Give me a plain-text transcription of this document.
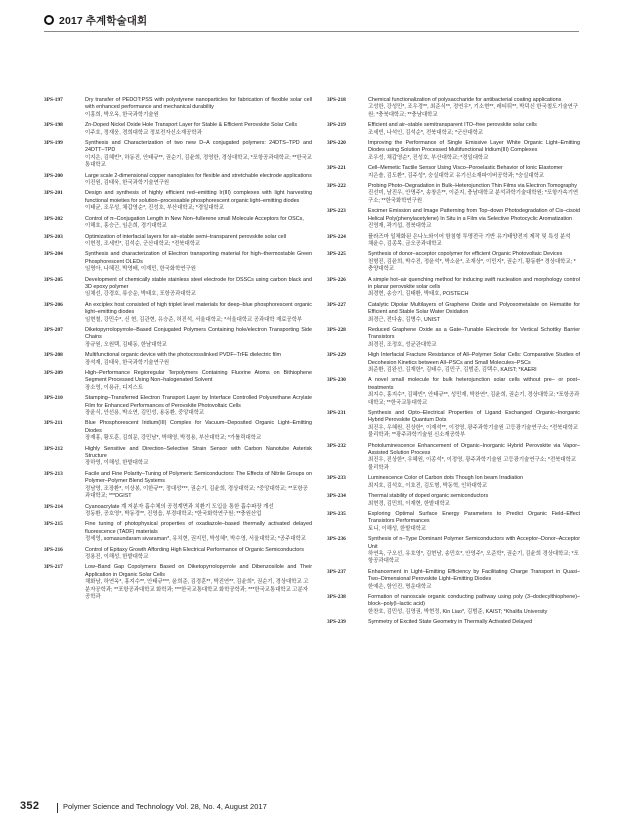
2017 추계학술대회
3PS-197	Dry transfer of PEDOT:PSS with polystyrene nanoparticles for fabrication of flexible solar cell with enhanced performance and mechanical durability
이흥희, 박오옥, 한국과학기술원
3PS-198	Zn-Doped Nickel Oxide Hole Transport Layer for Stable & Efficient Perovskite Solar Cells
이주호, 정재웅, 경희대학교 정보전자신소재공학과
3PS-199	Synthesis and Characterization of two new D–A conjugated polymers: 24DTS–TPD and 24DTT–TPD
이지은, 김혜빈*, 하동진, 안태규**, 권순기, 김윤희, 정영한, 경상대학교, *포항공과대학교; **한국교통대학교
3PS-200	Large scale 2-dimensional copper nanoplates for flexible and stretchable electrode applications
이진원, 김태욱, 한국과학기술연구원
3PS-201	Design and synthesis of highly efficient red–emitting Ir(III) complexes with light harvesting functional moieties for solution–processable phosphorescent organic light–emitting diodes
이태균, 조우성, 채갑영순*, 진성호, 부산대학교; *경일대학교
3PS-202	Control of π–Conjugation Length in New Non–fullerene small Molecule Acceptors for OSCs,
이해호, 홍승근, 임은희, 경기대학교
3PS-203	Optimization of interfacial layers for air–stable semi–transparent perovskite solar cell
이현정, 조세빈*, 김석순, 군산대학교; *전북대학교
3PS-204	Synthesis and characterization of Electron transporting material for high–thermostable Green Phosphorescent OLEDs
임명아, 나혜진, 박영배, 이재민, 한국화학연구원
3PS-205	Development of chemically stable stainless steel electrode for DSSCs using carbon black and 3D epoxy polymer
임채선, 강경호, 류승운, 박태호, 포항공과대학교
3PS-206	An exciplex host consisted of high triplet level materials for deep–blue phosphorescent organic light–emitting diodes
임현철, 강민수*, 신 현, 김관현, 유승준, 허진석, 서울대학교; *서울대학교 공과대학 재료공학부
3PS-207	Diketopyrrolopyrrole–Based Conjugated Polymers Containing hole/electron Transporting Side Chains
장규원, 오원택, 김태동, 한남대학교
3PS-208	Multifunctional organic device with the photocrosslinked PVDF–TrFE dielectric film
장석재, 김태욱, 한국과학기술연구원
3PS-209	High–Performance Regioregular Terpolymers Containing Fluorine Atoms on Bithiophene Segment Processed Using Non–halogenated Solvent
장소영, 이용규, 디지스트
3PS-210	Stamping–Transferred Electron Transport Layer by Interface Controlled Polyurethane Acrylate Film for Enhanced Performances of Perovskite Photovoltaic Cells
장윤식, 안선용, 박소연, 김민성, 용동환, 중앙대학교
3PS-211	Blue Phosphorescent Iridium(III) Complex for Vacuum–Deposited Organic Light–Emitting Diodes
장재홍, 황도훈, 김희문, 강민남*, 박해영, 박정용, 부산대학교; *가톨릭대학교
3PS-212	Highly Sensitive and Direction–Selective Strain Sensor with Carbon Nanotube Asterisk Structure
장하영, 이해성, 한밭대학교
3PS-213	Facile and Fine Polarity–Tuning of Polymeric Semiconductors: The Effects of Nitrile Groups on Polymer–Polymer Blend Systems
정남영, 조장환*, 이상봉, 이한규**, 정대성***, 권순기, 김윤희, 경상대학교; *중앙대학교; **포항공과대학교; ***DGIST
3PS-214	Cyanoacrylate 계 저분자 흡수체의 공정계면과 치환기 도입을 통한 흡수파장 개선
정동환, 공호영*, 박동경**, 진영읍, 부경대학교; *한국화학연구원; **충원산업
3PS-215	Fine tuning of photophysical properties of oxadiazole–based thermally activated delayed fluorescence (TADF) materials
정세영, somasundaram sivaraman*, 유치현, 권지민, 박성혜*, 박수영, 서울대학교; *공주대학교
3PS-216	Control of Epitaxy Growth Affording High Electrical Performance of Organic Semiconductors
정용진, 이해성, 한밭대학교
3PS-217	Low–Band Gap Copolymers Based on Diketopyrrolopyrrole and Dibenzosilole and Their Application in Organic Solar Cells
채화남, 하연옥*, 홍지수**, 안태규***, 윤희준, 김경훈**, 박진연**, 김윤희*, 권순기, 경상대학교 고분자공학과; **포항공과대학교 화학과; ***한국교통대학교 화학공학과; ***한국교통대학교 고분자공학과
3PS-218	Chemical functionalization of polysaccharide for antibacterial coating applications
고성한, 강성민*, 조우경**, 최준식**, 정연우*, 기소현**, 레티튀**, 박덕신 한국철도기술연구원; *충북대학교; **충남대학교
3PS-219	Efficient and air–stable semitransparent ITO–free perovskite solar cells
조세빈, 나석인, 김석순*, 전북대학교; *군산대학교
3PS-220	Improving the Performance of Single Emissive Layer White Organic Light–Emitting Diodes using Solution Processed Multifunctional Iridium(III) Complexes
조우성, 채갑영순*, 진성호, 부산대학교; *경일대학교
3PS-221	Cell–Memetic Tactile Sensor Using Visco–Poroelastic Behavior of Ionic Elastomer
지은솔, 김도환*, 김주성*, 숭실대학교 유기신소재파이버공학과; *숭실대학교
3PS-222	Probing Photo–Degradation in Bulk–Heterojunction Thin Films via Electron Tomography
진선미, 남진우, 안명주*, 송창은**, 이준지, 충남대학교 분석과학기술대학원; *포항가속기연구소; **한국화학연구원
3PS-223	Excimer Emission and Image Patterning from Top–down Photodegradation of Cis–cisoid Helical Poly(phenylacetylene) In Situ in a Film via Selective Photocyclic Aromatization
진영재, 곽기섭, 경북대학교
3PS-224	플라즈마 일체화된 은나노와이어 함침형 투명전극 기반 유기태양전지 제작 및 특성 분석
채윤수, 김종목, 금오공과대학교
3PS-225	Synthesis of donor–acceptor copolymer for efficient Organic Photovoltaic Devices
천형진, 김윤희, 박수진, 정윤석*, 박소윤*, 조재상*, 이민지*, 권순기, 황동환* 경상대학교; *충양대학교
3PS-226	A simple hot–air quenching method for inducing swift nucleation and morphology control in planar perovskite solar cells
최경현, 송승기, 김태환, 박태호, POSTECH
3PS-227	Catalytic Dipolar Multilayers of Graphene Oxide and Polyoxometalate on Hematite for Efficient and Stable Solar Water Oxidation
최경근, 전다솜, 김병수, UNIST
3PS-228	Reduced Graphene Oxide as a Gate–Tunable Electrode for Vertical Schottky Barrier Transistors
최경진, 조정호, 성균관대학교
3PS-229	High Interfacial Fracture Resistance of All–Polymer Solar Cells: Comparative Studies of Decohesion Kinetics between All–PSCs and Small Molecules–PSCs
최준환, 김완선, 김재한*, 김태수, 김민구, 김범준, 김택수, KAIST; *KAERI
3PS-230	A novel small molecule for bulk heterojunction solar cells without pre– or post–treatments
최지수, 홍지수*, 김혜빈*, 안태규**, 성민재, 박찬연*, 김윤희, 권순기, 경상대학교; *포항공과대학교; **한국교통대학교
3PS-231	Synthesis and Opto–Electrical Properties of Ligand Exchanged Organic–Inorganic Hybrid Perovskite Quantum Dots
최진우, 우혜원, 진상한*, 이재석**, 이정영, 광주과학기술원 고등광기술연구소; *전북대학교 물리학과; **광주과학기술원 신소재공학부
3PS-232	Photoluminescence Enhancement of Organic–Inorganic Hybrid Perovskite via Vapor–Assisted Solution Process
최진우, 진상한*, 우혜원, 이종석*, 이정영, 광주과학기술원 고등광기술연구소; *전북대학교 물리학과
3PS-233	Luminescence Color of Carbon dots Though Ion beam Irradiation
최지호, 김석호, 이호진, 김도형, 박동혁, 인하대학교
3PS-234	Thermal stability of doped organic semiconductors
최현경, 김민희, 이재현, 한밭대학교
3PS-235	Exploring Optimal Surface Energy Parameters to Predict Organic Field–Effect Transistors Performances
토니, 이해성, 한밭대학교
3PS-236	Synthesis of n–Type Dominant Polymer Semiconductors with Acceptor–Donor–Acceptor Unit
하연옥, 구오선, 유호영*, 김현남, 송민호*, 안영주*, 오준학*, 권순기, 김윤희 경상대학교; *포항공과대학교
3PS-237	Enhancement in Light–Emitting Efficiency by Facilitating Charge Transport in Quasi–Two–Dimensional Perovskite Light–Emitting Diodes
한예은, 함인진, 명운대학교
3PS-238	Formation of nanoscale organic conducting pathway using poly (3–dodecylthiophene)–block–poly(l–lactic acid)
한찬호, 김민성, 김영권, 박현정, Kin Liao*, 김범준, KAIST; *Khalifa University
3PS-239	Symmetry of Excited State Geometry in Thermally Activated Delayed
352	Polymer Science and Technology Vol. 28, No. 4, August 2017
